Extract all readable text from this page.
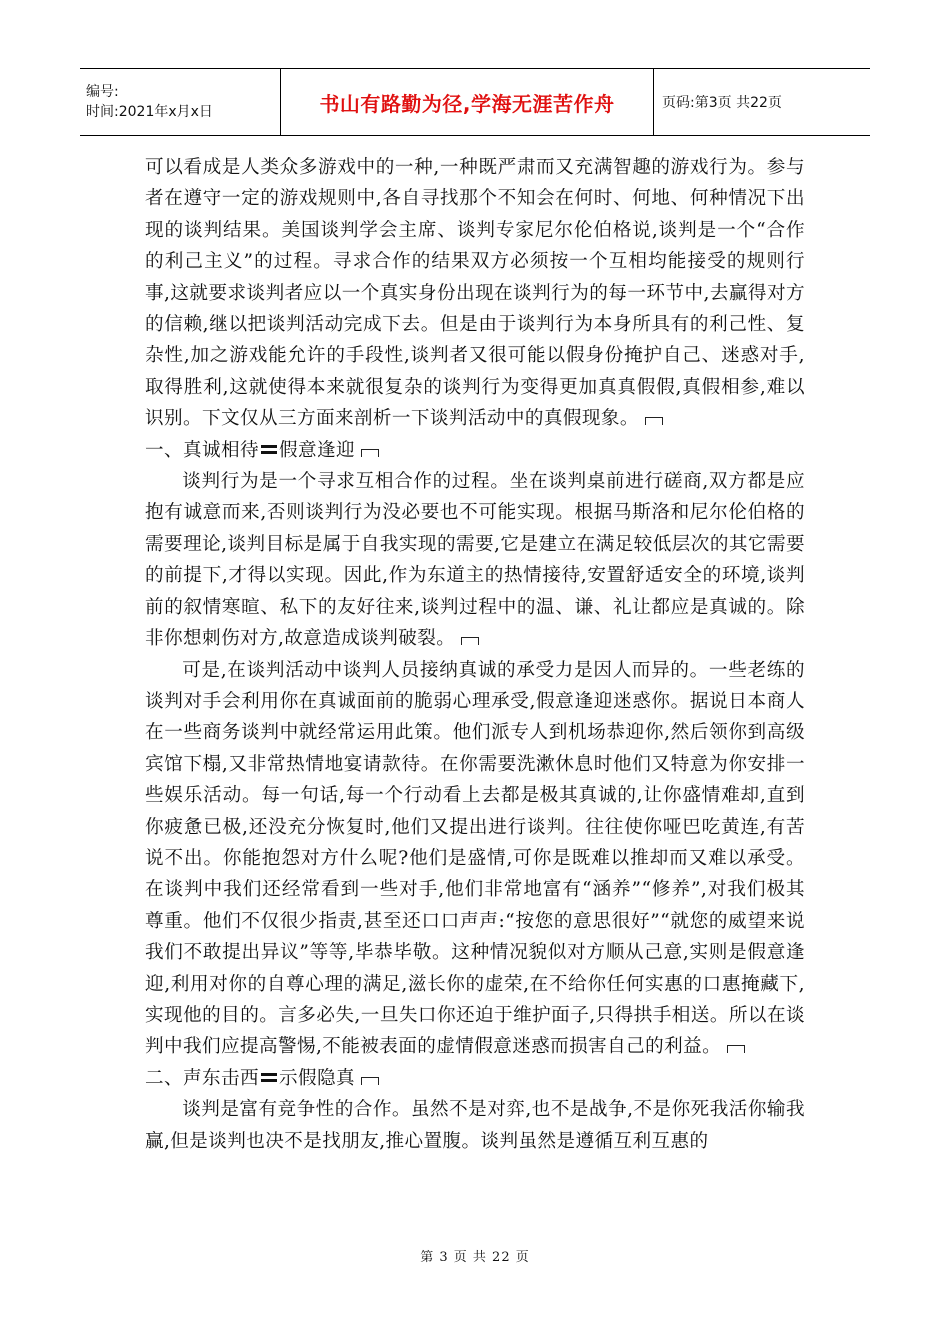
编号:
时间:2021年x月x日	书山有路勤为径,学海无涯苦作舟	页码:第3页 共22页

可以看成是人类众多游戏中的一种,一种既严肃而又充满智趣的游戏行为。参与者在遵守一定的游戏规则中,各自寻找那个不知会在何时、何地、何种情况下出现的谈判结果。美国谈判学会主席、谈判专家尼尔伦伯格说,谈判是一个“合作的利己主义”的过程。寻求合作的结果双方必须按一个互相均能接受的规则行事,这就要求谈判者应以一个真实身份出现在谈判行为的每一环节中,去赢得对方的信赖,继以把谈判活动完成下去。但是由于谈判行为本身所具有的利己性、复杂性,加之游戏能允许的手段性,谈判者又很可能以假身份掩护自己、迷惑对手,取得胜利,这就使得本来就很复杂的谈判行为变得更加真真假假,真假相参,难以识别。下文仅从三方面来剖析一下谈判活动中的真假现象。

一、真诚相待 假意逢迎

谈判行为是一个寻求互相合作的过程。坐在谈判桌前进行磋商,双方都是应抱有诚意而来,否则谈判行为没必要也不可能实现。根据马斯洛和尼尔伦伯格的需要理论,谈判目标是属于自我实现的需要,它是建立在满足较低层次的其它需要的前提下,才得以实现。因此,作为东道主的热情接待,安置舒适安全的环境,谈判前的叙情寒暄、私下的友好往来,谈判过程中的温、谦、礼让都应是真诚的。除非你想刺伤对方,故意造成谈判破裂。

可是,在谈判活动中谈判人员接纳真诚的承受力是因人而异的。一些老练的谈判对手会利用你在真诚面前的脆弱心理承受,假意逢迎迷惑你。据说日本商人在一些商务谈判中就经常运用此策。他们派专人到机场恭迎你,然后领你到高级宾馆下榻,又非常热情地宴请款待。在你需要洗漱休息时他们又特意为你安排一些娱乐活动。每一句话,每一个行动看上去都是极其真诚的,让你盛情难却,直到你疲惫已极,还没充分恢复时,他们又提出进行谈判。往往使你哑巴吃黄连,有苦说不出。你能抱怨对方什么呢?他们是盛情,可你是既难以推却而又难以承受。在谈判中我们还经常看到一些对手,他们非常地富有“涵养”“修养”,对我们极其尊重。他们不仅很少指责,甚至还口口声声:“按您的意思很好”“就您的威望来说我们不敢提出异议”等等,毕恭毕敬。这种情况貌似对方顺从己意,实则是假意逢迎,利用对你的自尊心理的满足,滋长你的虚荣,在不给你任何实惠的口惠掩藏下,实现他的目的。言多必失,一旦失口你还迫于维护面子,只得拱手相送。所以在谈判中我们应提高警惕,不能被表面的虚情假意迷惑而损害自己的利益。

二、声东击西 示假隐真

谈判是富有竞争性的合作。虽然不是对弈,也不是战争,不是你死我活你输我赢,但是谈判也决不是找朋友,推心置腹。谈判虽然是遵循互利互惠的

第 3 页 共 22 页
